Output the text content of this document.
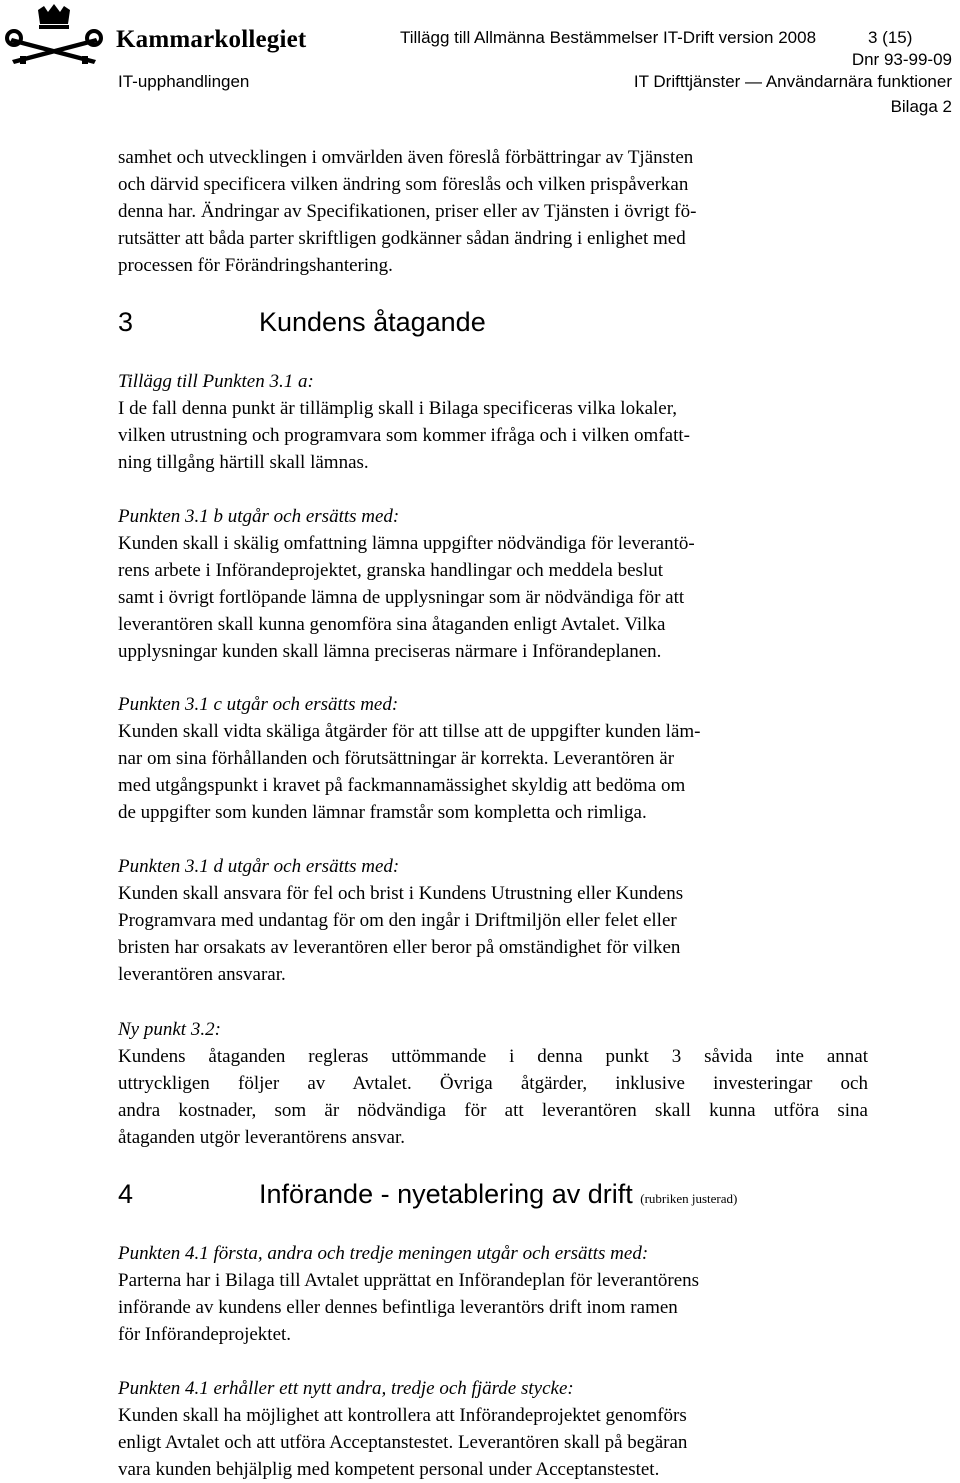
Kammarkollegiet	Tillägg till Allmänna Bestämmelser IT-Drift version 2008	3 (15)
Dnr 93-99-09
IT-upphandlingen	IT Drifttjänster — Användarnära funktioner
Bilaga 2
samhet och utvecklingen i omvärlden även föreslå förbättringar av Tjänsten
och därvid specificera vilken ändring som föreslås och vilken prispåverkan
denna har. Ändringar av Specifikationen, priser eller av Tjänsten i övrigt fö-
rutsätter att båda parter skriftligen godkänner sådan ändring i enlighet med
processen för Förändringshantering.
3	Kundens åtagande
Tillägg till Punkten 3.1 a:
I de fall denna punkt är tillämplig skall i Bilaga specificeras vilka lokaler,
vilken utrustning och programvara som kommer ifråga och i vilken omfatt-
ning tillgång härtill skall lämnas.
Punkten 3.1 b utgår och ersätts med:
Kunden skall i skälig omfattning lämna uppgifter nödvändiga för leverantö-
rens arbete i Införandeprojektet, granska handlingar och meddela beslut
samt i övrigt fortlöpande lämna de upplysningar som är nödvändiga för att
leverantören skall kunna genomföra sina åtaganden enligt Avtalet. Vilka
upplysningar kunden skall lämna preciseras närmare i Införandeplanen.
Punkten 3.1 c utgår och ersätts med:
Kunden skall vidta skäliga åtgärder för att tillse att de uppgifter kunden läm-
nar om sina förhållanden och förutsättningar är korrekta. Leverantören är
med utgångspunkt i kravet på fackmannamässighet skyldig att bedöma om
de uppgifter som kunden lämnar framstår som kompletta och rimliga.
Punkten 3.1 d utgår och ersätts med:
Kunden skall ansvara för fel och brist i Kundens Utrustning eller Kundens
Programvara med undantag för om den ingår i Driftmiljön eller felet eller
bristen har orsakats av leverantören eller beror på omständighet för vilken
leverantören ansvarar.
Ny punkt 3.2:
Kundens åtaganden regleras uttömmande i denna punkt 3 såvida inte annat
uttryckligen följer av Avtalet. Övriga åtgärder, inklusive investeringar och
andra kostnader, som är nödvändiga för att leverantören skall kunna utföra sina
åtaganden utgör leverantörens ansvar.
4	Införande - nyetablering av drift (rubriken justerad)
Punkten 4.1 första, andra och tredje meningen utgår och ersätts med:
Parterna har i Bilaga till Avtalet upprättat en Införandeplan för leverantörens
införande av kundens eller dennes befintliga leverantörs drift inom ramen
för Införandeprojektet.
Punkten 4.1 erhåller ett nytt andra, tredje och fjärde stycke:
Kunden skall ha möjlighet att kontrollera att Införandeprojektet genomförs
enligt Avtalet och att utföra Acceptanstestet. Leverantören skall på begäran
vara kunden behjälplig med kompetent personal under Acceptanstestet.
